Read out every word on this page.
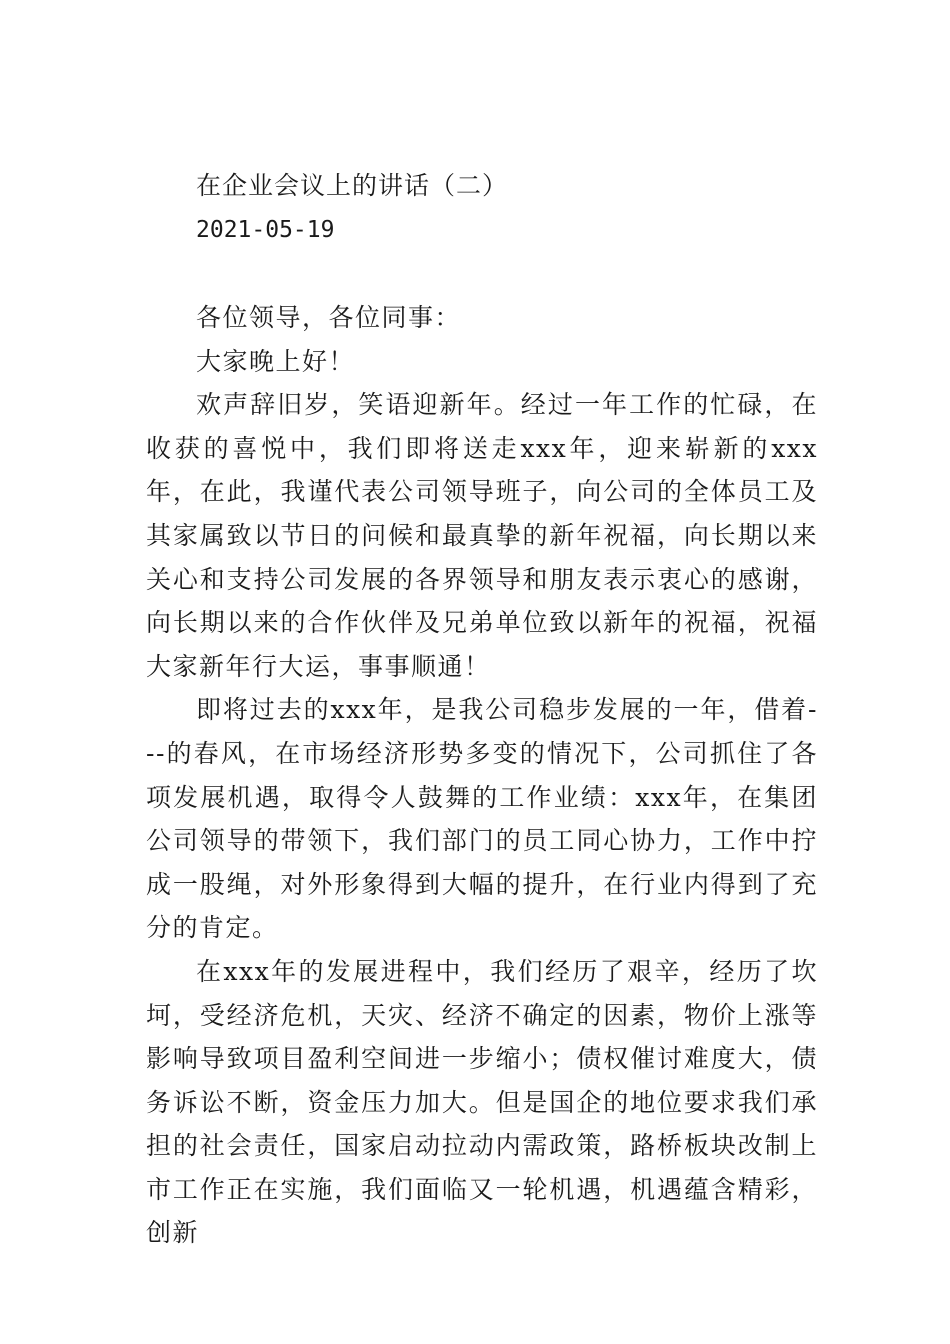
在企业会议上的讲话（二）
2021-05-19

各位领导，各位同事：

大家晚上好！

欢声辞旧岁，笑语迎新年。经过一年工作的忙碌，在收获的喜悦中，我们即将送走xxx年，迎来崭新的xxx年，在此，我谨代表公司领导班子，向公司的全体员工及其家属致以节日的问候和最真挚的新年祝福，向长期以来关心和支持公司发展的各界领导和朋友表示衷心的感谢，向长期以来的合作伙伴及兄弟单位致以新年的祝福，祝福大家新年行大运，事事顺通！

即将过去的xxx年，是我公司稳步发展的一年，借着---的春风，在市场经济形势多变的情况下，公司抓住了各项发展机遇，取得令人鼓舞的工作业绩：xxx年，在集团公司领导的带领下，我们部门的员工同心协力，工作中拧成一股绳，对外形象得到大幅的提升，在行业内得到了充分的肯定。

在xxx年的发展进程中，我们经历了艰辛，经历了坎坷，受经济危机，天灾、经济不确定的因素，物价上涨等影响导致项目盈利空间进一步缩小；债权催讨难度大，债务诉讼不断，资金压力加大。但是国企的地位要求我们承担的社会责任，国家启动拉动内需政策，路桥板块改制上市工作正在实施，我们面临又一轮机遇，机遇蕴含精彩，创新
